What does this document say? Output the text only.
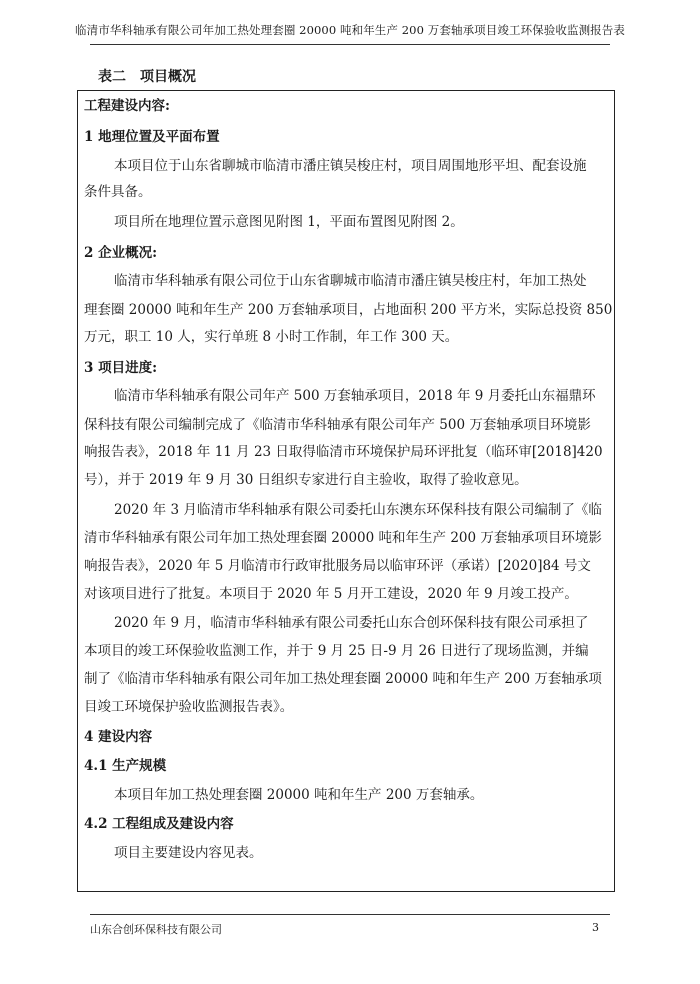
临清市华科轴承有限公司年加工热处理套圈 20000 吨和年生产 200 万套轴承项目竣工环保验收监测报告表
表二 项目概况
工程建设内容:
1 地理位置及平面布置
本项目位于山东省聊城市临清市潘庄镇吴梭庄村，项目周围地形平坦、配套设施
条件具备。
项目所在地理位置示意图见附图 1，平面布置图见附图 2。
2 企业概况:
临清市华科轴承有限公司位于山东省聊城市临清市潘庄镇吴梭庄村，年加工热处
理套圈 20000 吨和年生产 200 万套轴承项目，占地面积 200 平方米，实际总投资 850
万元，职工 10 人，实行单班 8 小时工作制，年工作 300 天。
3 项目进度:
临清市华科轴承有限公司年产 500 万套轴承项目，2018 年 9 月委托山东福鼎环
保科技有限公司编制完成了《临清市华科轴承有限公司年产 500 万套轴承项目环境影
响报告表》，2018 年 11 月 23 日取得临清市环境保护局环评批复（临环审[2018]420
号），并于 2019 年 9 月 30 日组织专家进行自主验收，取得了验收意见。
2020 年 3 月临清市华科轴承有限公司委托山东澳东环保科技有限公司编制了《临
清市华科轴承有限公司年加工热处理套圈 20000 吨和年生产 200 万套轴承项目环境影
响报告表》，2020 年 5 月临清市行政审批服务局以临审环评（承诺）[2020]84 号文
对该项目进行了批复。本项目于 2020 年 5 月开工建设，2020 年 9 月竣工投产。
2020 年 9 月，临清市华科轴承有限公司委托山东合创环保科技有限公司承担了
本项目的竣工环保验收监测工作，并于 9 月 25 日-9 月 26 日进行了现场监测，并编
制了《临清市华科轴承有限公司年加工热处理套圈 20000 吨和年生产 200 万套轴承项
目竣工环境保护验收监测报告表》。
4 建设内容
4.1 生产规模
本项目年加工热处理套圈 20000 吨和年生产 200 万套轴承。
4.2 工程组成及建设内容
项目主要建设内容见表。
山东合创环保科技有限公司	3
